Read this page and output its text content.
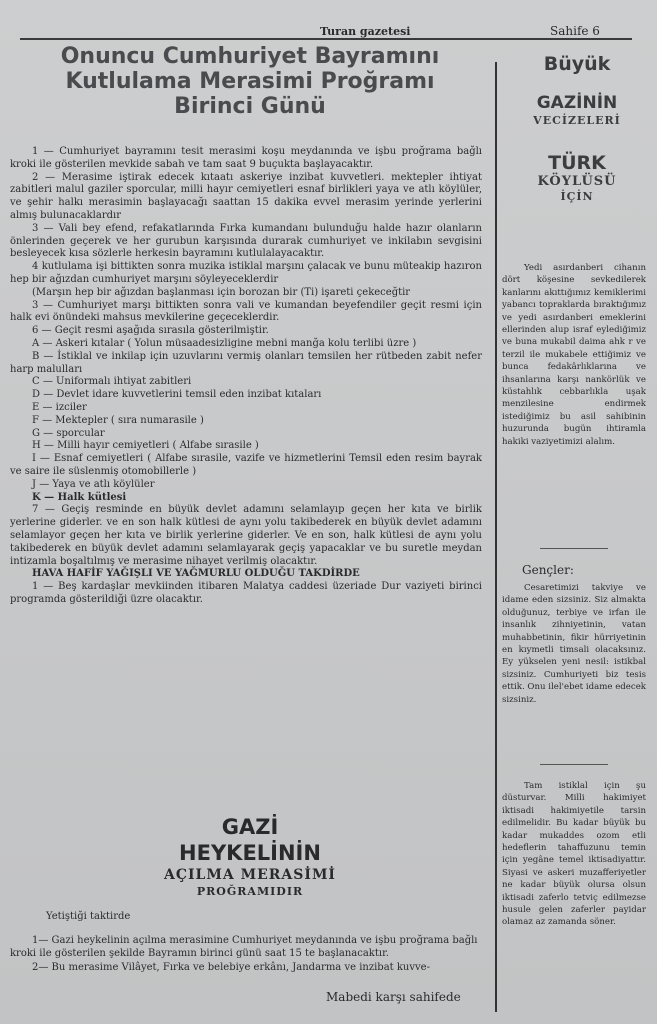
Turan gazetesi	Sahife 6
Onuncu Cumhuriyet Bayramını
Kutlulama Merasimi Proğramı
Birinci Günü

1 — Cumhuriyet bayramını tesit merasimi koşu meydanında ve işbu proğrama bağlı kroki ile gösterilen mevkide sabah ve tam saat 9 buçukta başlayacaktır.

2 — Merasime iştirak edecek kıtaatı askeriye inzibat kuvvetleri. mektepler ihtiyat zabitleri malul gaziler sporcular, milli hayır cemiyetleri esnaf birlikleri yaya ve atlı köylüler, ve şehir halkı merasimin başlayacağı saattan 15 dakika evvel merasim yerinde yerlerini almış bulunacaklardır

3 — Vali bey efend, refakatlarında Fırka kumandanı bulunduğu halde hazır olanların önlerinden geçerek ve her gurubun karşısında durarak cumhuriyet ve inkilabın sevgisini besleyecek kısa sözlerle herkesin bayramını kutlulalayacaktır.

4 kutlulama işi bittikten sonra muzika istiklal marşını çalacak ve bunu müteakip hazıron hep bir ağızdan cumhuriyet marşını söyleyeceklerdir

(Marşın hep bir ağızdan başlanması için borozan bir (Ti) işareti çekeceğtir

3 — Cumhuriyet marşı bittikten sonra vali ve kumandan beyefendiler geçit resmi için halk evi önündeki mahsus mevkilerine geçeceklerdir.

6 — Geçit resmi aşağıda sırasıla gösterilmiştir.

A — Askeri kıtalar ( Yolun müsaadesizligine mebni manğa kolu terlibi üzre )

B — İstiklal ve inkilap için uzuvlarını vermiş olanları temsilen her rütbeden zabit nefer harp malulları

C — Uniformalı ihtiyat zabitleri

D — Devlet idare kuvvetlerini temsil eden inzibat kıtaları

E — izciler

F — Mektepler ( sıra numarasile )

G — sporcular

H — Milli hayır cemiyetleri ( Alfabe sırasile )

I — Esnaf cemiyetleri ( Alfabe sırasile, vazife ve hizmetlerini Temsil eden resim bayrak ve saire ile süslenmiş otomobillerle )

J — Yaya ve atlı köylüler

K — Halk kütlesi

7 — Geçiş resminde en büyük devlet adamını selamlayıp geçen her kıta ve birlik yerlerine giderler. ve en son halk kütlesi de aynı yolu takibederek en büyük devlet adamını selamlayor geçen her kıta ve birlik yerlerine giderler. Ve en son, halk kütlesi de aynı yolu takibederek en büyük devlet adamını selamlayarak geçiş yapacaklar ve bu suretle meydan intizamla boşaltılmış ve merasime nihayet verilmiş olacaktır.

HAVA HAFİF YAĞIŞLI VE YAĞMURLU OLDUĞU TAKDİRDE

1 — Beş kardaşlar mevkiinden itibaren Malatya caddesi üzeriade Dur vaziyeti birinci programda gösterildiği üzre olacaktır.

GAZİ
HEYKELİNİN
AÇILMA MERASİMİ
PROĞRAMIDIR

Yetiştiği taktirde

1— Gazi heykelinin açılma merasimine Cumhuriyet meydanında ve işbu proğrama bağlı kroki ile gösterilen şekilde Bayramın birinci günü saat 15 te başlanacaktır.

2— Bu merasime Vilâyet, Fırka ve belebiye erkânı, Jandarma ve inzibat kuvve-

Mabedi karşı sahifede
Büyük
GAZİNİN
VECİZELERİ
TÜRK
KÖYLÜSÜ
İÇİN

Yedi asırdanberi cihanın dört köşesine sevkedilerek kanlarını akıttığımız kemiklerimi yabancı topraklarda bıraktığımız ve yedi asırdanberi emeklerini ellerinden alup israf eylediğimiz ve buna mukabil daima ahk r ve terzil ile mukabele ettiğimiz ve bunca fedakârlıklarına ve ihsanlarına karşı nankörlük ve küstahlık cebbarlıkla uşak menzilesine endirmek istediğimiz bu asil sahibinin huzurunda bugün ihtiramla hakiki vaziyetimizi alalım.

Gençler:

Cesaretimizi takviye ve idame eden sizsiniz. Siz almakta olduğunuz, terbiye ve irfan ile insanlık zihniyetinin, vatan muhabbetinin, fikir hürriyetinin en kıymetli timsali olacaksınız. Ey yükselen yeni nesil: istikbal sizsiniz. Cumhuriyeti biz tesis ettik. Onu ilel'ebet idame edecek sizsiniz.

Tam istiklal için şu düsturvar. Milli hakimiyet iktisadi hakimiyetile tarsin edilmelidir. Bu kadar büyük bu kadar mukaddes ozom etli hedeflerin tahaffuzunu temin için yegâne temel iktisadiyattır. Siyasi ve askeri muzafferiyetler ne kadar büyük olursa olsun iktisadi zaferlo tetviç edilmezse husule gelen zaferler payidar olamaz az zamanda söner.
